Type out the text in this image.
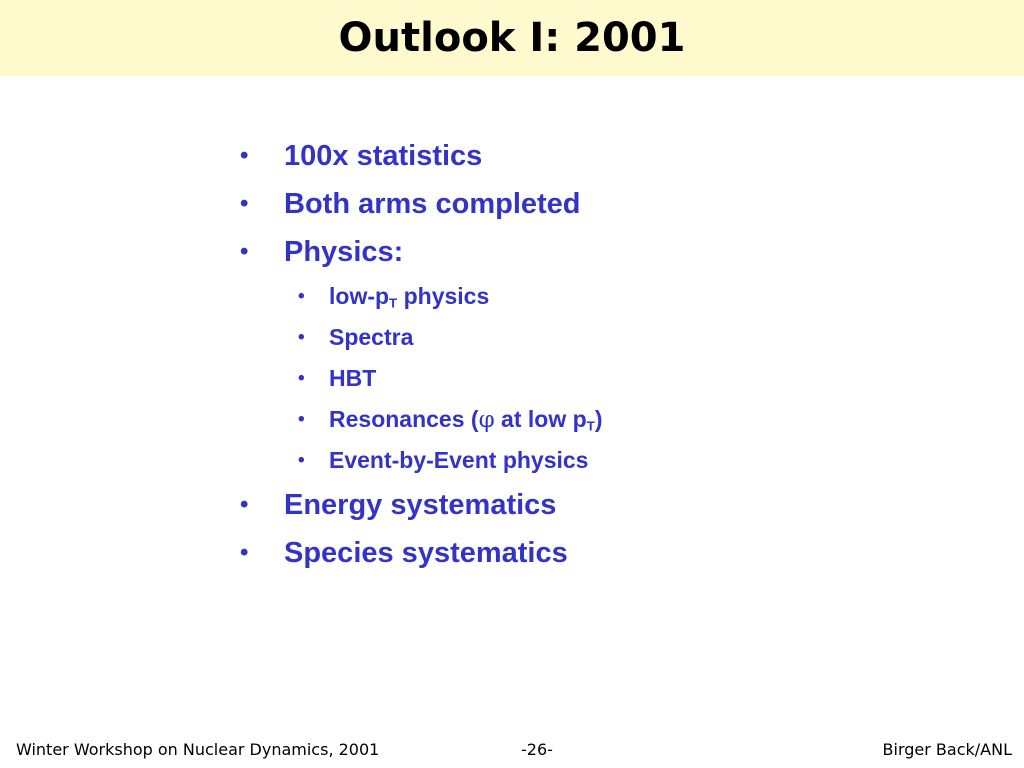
Outlook I: 2001
• 100x statistics
• Both arms completed
• Physics:
• low-$p_T$ physics
• Spectra
• HBT
• Resonances (φ at low $p_T$)
• Event-by-Event physics
• Energy systematics
• Species systematics
Winter Workshop on Nuclear Dynamics, 2001	-26-	Birger Back/ANL
